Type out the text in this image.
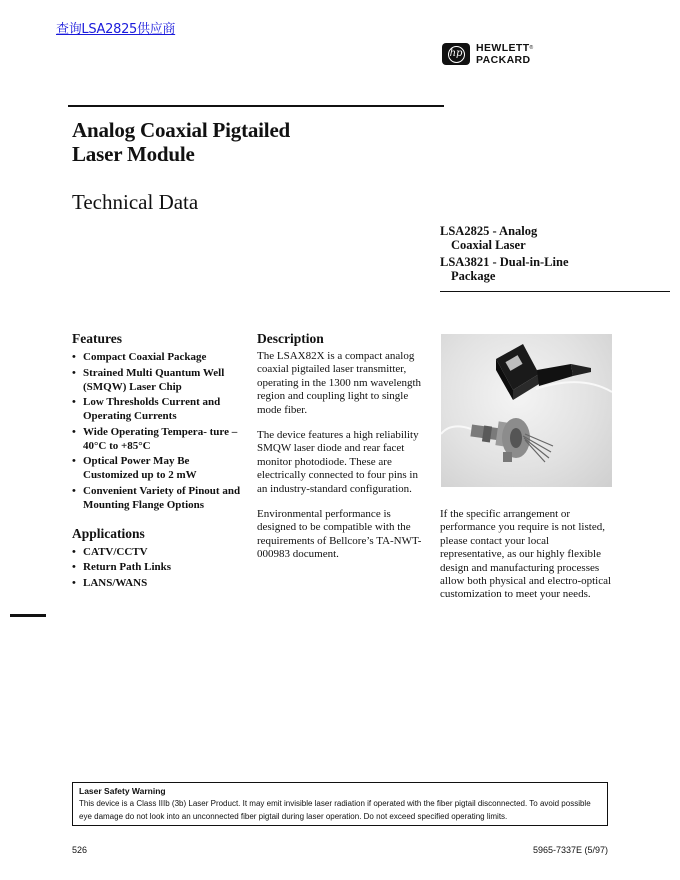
查询LSA2825供应商
hp HEWLETT®
PACKARD
Analog Coaxial Pigtailed
Laser Module
Technical Data
LSA2825 - Analog
Coaxial Laser
LSA3821 - Dual-in-Line
Package
Features
• Compact Coaxial Package
• Strained Multi Quantum Well (SMQW) Laser Chip
• Low Thresholds Current and Operating Currents
• Wide Operating Tempera- ture –40°C to +85°C
• Optical Power May Be Customized up to 2 mW
• Convenient Variety of Pinout and Mounting Flange Options
Applications
• CATV/CCTV
• Return Path Links
• LANS/WANS
Description

The LSAX82X is a compact analog coaxial pigtailed laser transmitter, operating in the 1300 nm wavelength region and coupling light to single mode fiber.

The device features a high reliability SMQW laser diode and rear facet monitor photodiode. These are electrically connected to four pins in an industry-standard configuration.

Environmental performance is designed to be compatible with the requirements of Bellcore’s TA-NWT-000983 document.

If the specific arrangement or performance you require is not listed, please contact your local representative, as our highly flexible design and manufacturing processes allow both physical and electro-optical customization to meet your needs.

Laser Safety Warning
This device is a Class IIIb (3b) Laser Product. It may emit invisible laser radiation if operated with the fiber pigtail disconnected. To avoid possible eye damage do not look into an unconnected fiber pigtail during laser operation. Do not exceed specified operating limits.
526	5965-7337E (5/97)
